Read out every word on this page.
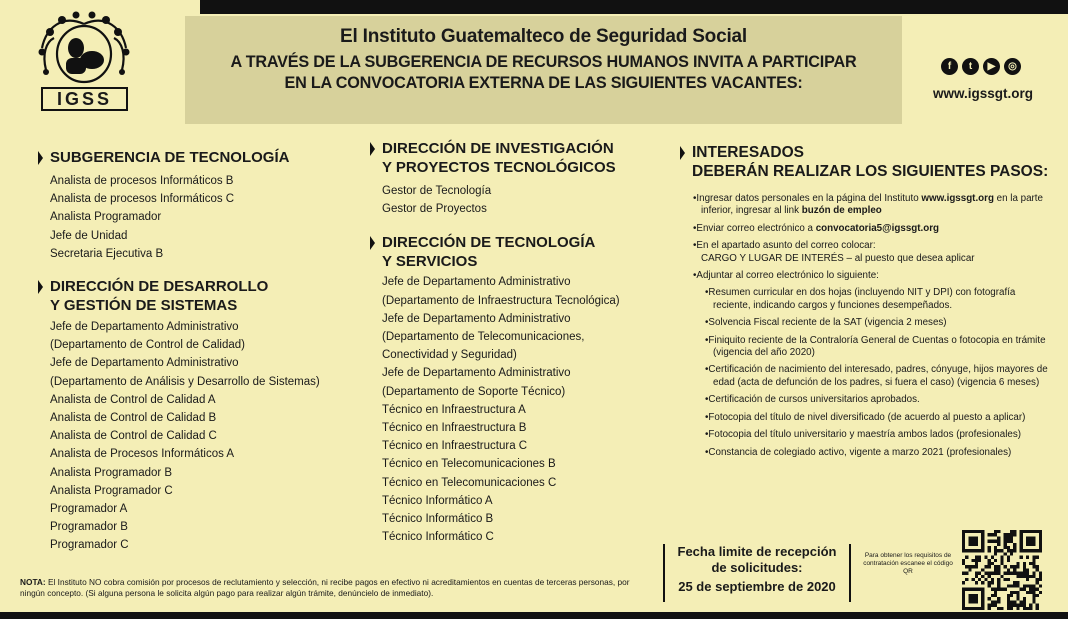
IGSS
El Instituto Guatemalteco de Seguridad Social
A TRAVÉS DE LA SUBGERENCIA DE RECURSOS HUMANOS INVITA A PARTICIPAR
EN LA CONVOCATORIA EXTERNA DE LAS SIGUIENTES VACANTES:
f	t	▶	◎
www.igssgt.org
SUBGERENCIA DE TECNOLOGÍA
Analista de procesos Informáticos B
Analista de procesos Informáticos C
Analista Programador
Jefe de Unidad
Secretaria Ejecutiva B
DIRECCIÓN DE DESARROLLO
Y GESTIÓN DE SISTEMAS
Jefe de Departamento Administrativo
(Departamento de Control de Calidad)
Jefe de Departamento Administrativo
(Departamento de Análisis y Desarrollo de Sistemas)
Analista de Control de Calidad A
Analista de Control de Calidad B
Analista de Control de Calidad C
Analista de Procesos Informáticos A
Analista Programador B
Analista Programador C
Programador A
Programador B
Programador C
DIRECCIÓN DE INVESTIGACIÓN
Y PROYECTOS TECNOLÓGICOS
Gestor de Tecnología
Gestor de Proyectos
DIRECCIÓN DE TECNOLOGÍA
Y SERVICIOS
Jefe de Departamento Administrativo
(Departamento de Infraestructura Tecnológica)
Jefe de Departamento Administrativo
(Departamento de Telecomunicaciones,
Conectividad y Seguridad)
Jefe de Departamento Administrativo
(Departamento de Soporte Técnico)
Técnico en Infraestructura A
Técnico en Infraestructura B
Técnico en Infraestructura C
Técnico en Telecomunicaciones B
Técnico en Telecomunicaciones C
Técnico Informático A
Técnico Informático B
Técnico Informático C
INTERESADOS
DEBERÁN REALIZAR LOS SIGUIENTES PASOS:
•Ingresar datos personales en la página del Instituto www.igssgt.org en la parte inferior, ingresar al link buzón de empleo
•Enviar correo electrónico a convocatoria5@igssgt.org
•En el apartado asunto del correo colocar:
CARGO Y LUGAR DE INTERÉS – al puesto que desea aplicar
•Adjuntar al correo electrónico lo siguiente:
•Resumen curricular en dos hojas (incluyendo NIT y DPI) con fotografía reciente, indicando cargos y funciones desempeñados.
•Solvencia Fiscal reciente de la SAT (vigencia 2 meses)
•Finiquito reciente de la Contraloría General de Cuentas o fotocopia en trámite (vigencia del año 2020)
•Certificación de nacimiento del interesado, padres, cónyuge, hijos mayores de edad (acta de defunción de los padres, si fuera el caso) (vigencia 6 meses)
•Certificación de cursos universitarios aprobados.
•Fotocopia del título de nivel diversificado (de acuerdo al puesto a aplicar)
•Fotocopia del título universitario y maestría ambos lados (profesionales)
•Constancia de colegiado activo, vigente a marzo 2021 (profesionales)
Fecha limite de recepción
de solicitudes:
25 de septiembre de 2020
Para obtener los requisitos de contratación escanee el código QR
NOTA: El Instituto NO cobra comisión por procesos de reclutamiento y selección, ni recibe pagos en efectivo ni acreditamientos en cuentas de terceras personas, por ningún concepto. (Si alguna persona le solicita algún pago para realizar algún trámite, denúncielo de inmediato).
